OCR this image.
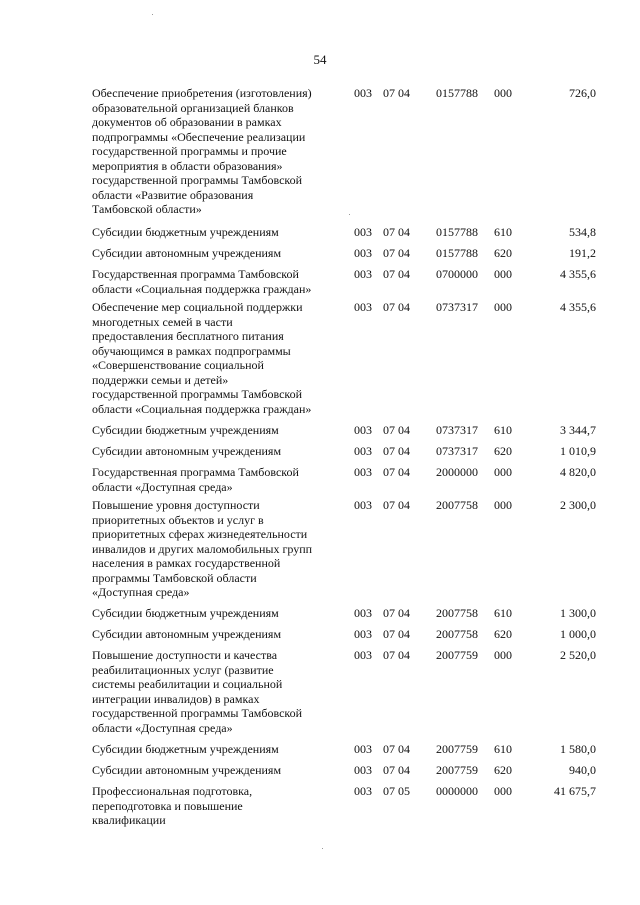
54
Обеспечение приобретения (изготовления)
образовательной организацией бланков
документов об образовании в рамках
подпрограммы «Обеспечение реализации
государственной программы и прочие
мероприятия в области образования»
государственной программы Тамбовской
области «Развитие образования
Тамбовской области»
003 07 04 0157788 000	726,0
Субсидии бюджетным учреждениям	003 07 04 0157788 610	534,8
Субсидии автономным учреждениям	003 07 04 0157788 620	191,2
Государственная программа Тамбовской
области «Социальная поддержка граждан»
003 07 04 0700000 000	4 355,6
Обеспечение мер социальной поддержки
многодетных семей в части
предоставления бесплатного питания
обучающимся в рамках подпрограммы
«Совершенствование социальной
поддержки семьи и детей»
государственной программы Тамбовской
области «Социальная поддержка граждан»
003 07 04 0737317 000	4 355,6
Субсидии бюджетным учреждениям	003 07 04 0737317 610	3 344,7
Субсидии автономным учреждениям	003 07 04 0737317 620	1 010,9
Государственная программа Тамбовской
области «Доступная среда»
003 07 04 2000000 000	4 820,0
Повышение уровня доступности
приоритетных объектов и услуг в
приоритетных сферах жизнедеятельности
инвалидов и других маломобильных групп
населения в рамках государственной
программы Тамбовской области
«Доступная среда»
003 07 04 2007758 000	2 300,0
Субсидии бюджетным учреждениям	003 07 04 2007758 610	1 300,0
Субсидии автономным учреждениям	003 07 04 2007758 620	1 000,0
Повышение доступности и качества
реабилитационных услуг (развитие
системы реабилитации и социальной
интеграции инвалидов) в рамках
государственной программы Тамбовской
области «Доступная среда»
003 07 04 2007759 000	2 520,0
Субсидии бюджетным учреждениям	003 07 04 2007759 610	1 580,0
Субсидии автономным учреждениям	003 07 04 2007759 620	940,0
Профессиональная подготовка,
переподготовка и повышение
квалификации
003 07 05 0000000 000	41 675,7
